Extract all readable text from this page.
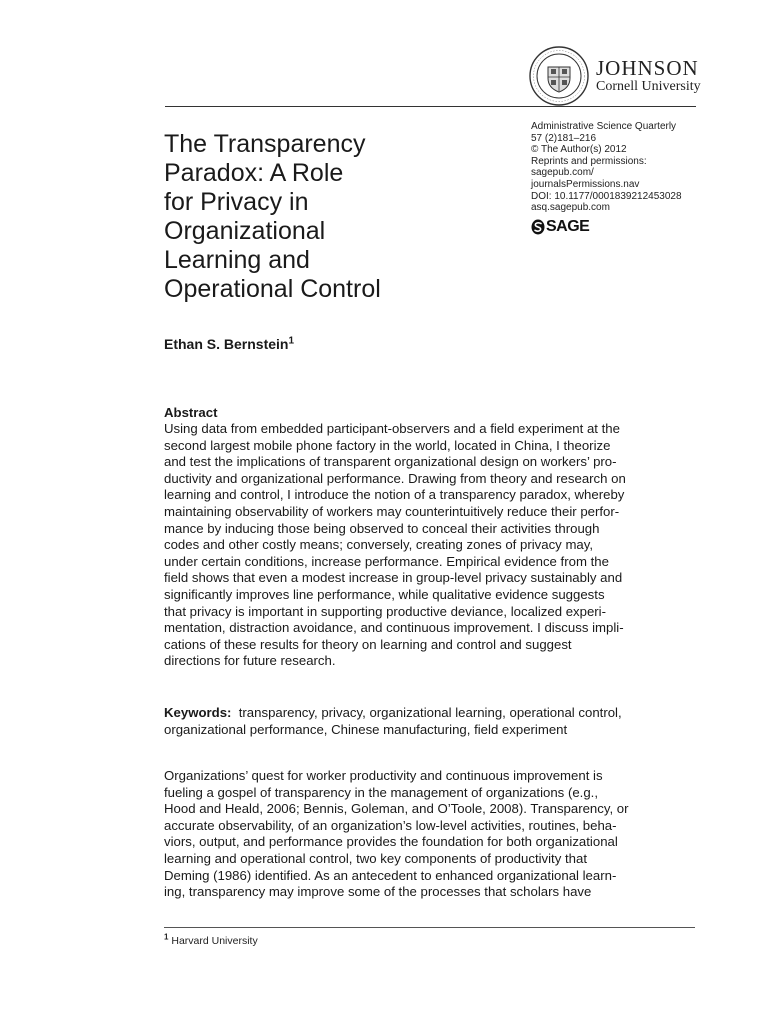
JOHNSON
Cornell University
The Transparency
Paradox: A Role
for Privacy in
Organizational
Learning and
Operational Control
Administrative Science Quarterly
57 (2)181–216
© The Author(s) 2012
Reprints and permissions:
sagepub.com/
journalsPermissions.nav
DOI: 10.1177/0001839212453028
asq.sagepub.com
SAGE
Ethan S. Bernstein$^1$
Abstract
Using data from embedded participant-observers and a field experiment at the
second largest mobile phone factory in the world, located in China, I theorize
and test the implications of transparent organizational design on workers’ pro-
ductivity and organizational performance. Drawing from theory and research on
learning and control, I introduce the notion of a transparency paradox, whereby
maintaining observability of workers may counterintuitively reduce their perfor-
mance by inducing those being observed to conceal their activities through
codes and other costly means; conversely, creating zones of privacy may,
under certain conditions, increase performance. Empirical evidence from the
field shows that even a modest increase in group-level privacy sustainably and
significantly improves line performance, while qualitative evidence suggests
that privacy is important in supporting productive deviance, localized experi-
mentation, distraction avoidance, and continuous improvement. I discuss impli-
cations of these results for theory on learning and control and suggest
directions for future research.
Keywords: transparency, privacy, organizational learning, operational control,
organizational performance, Chinese manufacturing, field experiment
Organizations’ quest for worker productivity and continuous improvement is
fueling a gospel of transparency in the management of organizations (e.g.,
Hood and Heald, 2006; Bennis, Goleman, and O’Toole, 2008). Transparency, or
accurate observability, of an organization’s low-level activities, routines, beha-
viors, output, and performance provides the foundation for both organizational
learning and operational control, two key components of productivity that
Deming (1986) identified. As an antecedent to enhanced organizational learn-
ing, transparency may improve some of the processes that scholars have
$^1$ Harvard University
